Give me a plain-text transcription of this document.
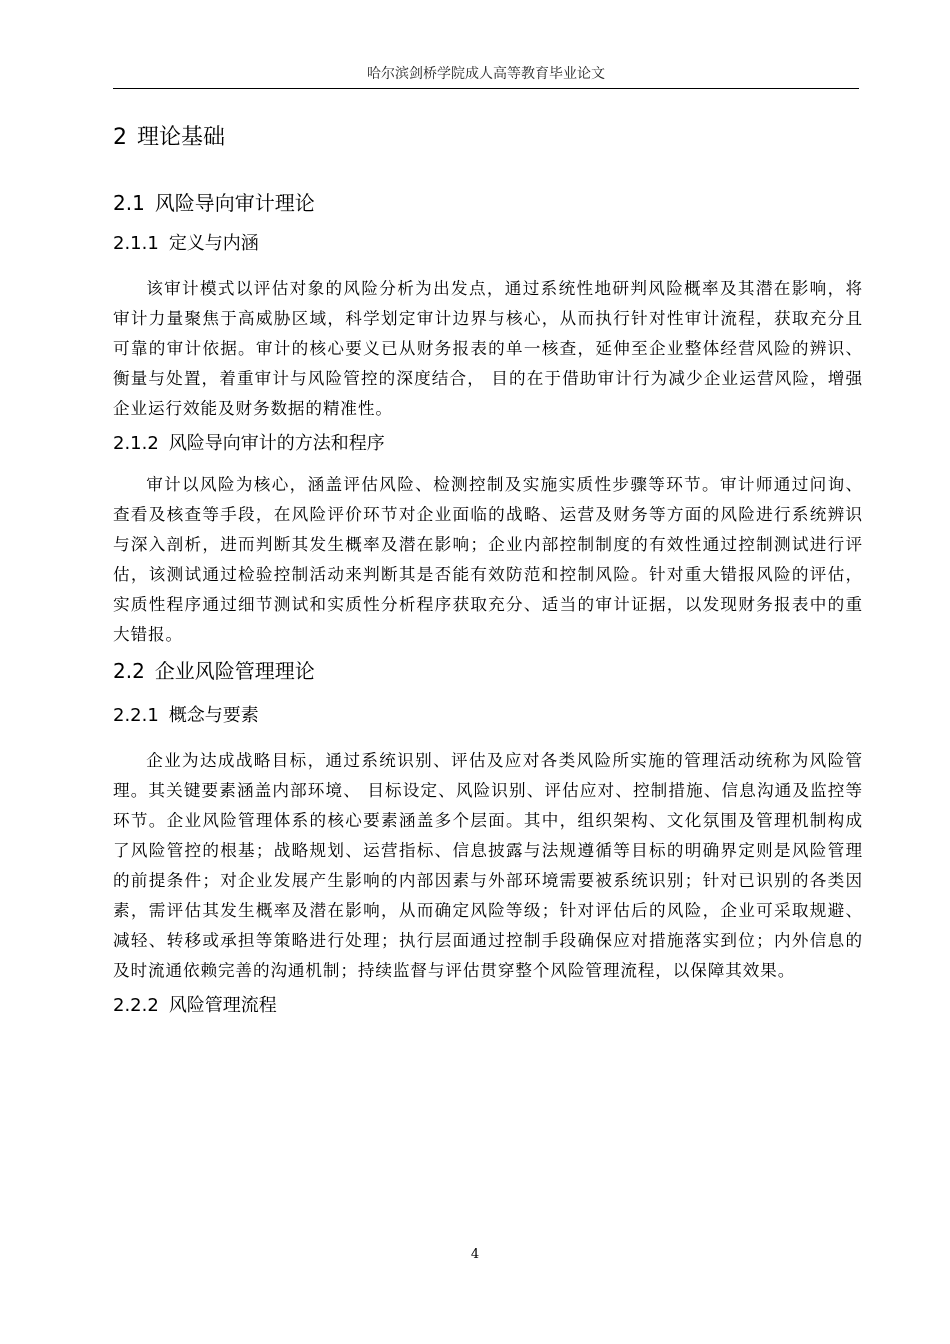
哈尔滨剑桥学院成人高等教育毕业论文
2 理论基础
2.1 风险导向审计理论
2.1.1 定义与内涵

该审计模式以评估对象的风险分析为出发点，通过系统性地研判风险概率及其潜在影响，将审计力量聚焦于高威胁区域，科学划定审计边界与核心，从而执行针对性审计流程，获取充分且可靠的审计依据。审计的核心要义已从财务报表的单一核查，延伸至企业整体经营风险的辨识、衡量与处置，着重审计与风险管控的深度结合， 目的在于借助审计行为减少企业运营风险，增强企业运行效能及财务数据的精准性。

2.1.2 风险导向审计的方法和程序

审计以风险为核心，涵盖评估风险、检测控制及实施实质性步骤等环节。审计师通过问询、查看及核查等手段，在风险评价环节对企业面临的战略、运营及财务等方面的风险进行系统辨识与深入剖析，进而判断其发生概率及潜在影响；企业内部控制制度的有效性通过控制测试进行评估，该测试通过检验控制活动来判断其是否能有效防范和控制风险。针对重大错报风险的评估，实质性程序通过细节测试和实质性分析程序获取充分、适当的审计证据，以发现财务报表中的重大错报。

2.2 企业风险管理理论
2.2.1 概念与要素

企业为达成战略目标，通过系统识别、评估及应对各类风险所实施的管理活动统称为风险管理。其关键要素涵盖内部环境、 目标设定、风险识别、评估应对、控制措施、信息沟通及监控等环节。企业风险管理体系的核心要素涵盖多个层面。其中，组织架构、文化氛围及管理机制构成了风险管控的根基；战略规划、运营指标、信息披露与法规遵循等目标的明确界定则是风险管理的前提条件；对企业发展产生影响的内部因素与外部环境需要被系统识别；针对已识别的各类因素，需评估其发生概率及潜在影响，从而确定风险等级；针对评估后的风险，企业可采取规避、减轻、转移或承担等策略进行处理；执行层面通过控制手段确保应对措施落实到位；内外信息的及时流通依赖完善的沟通机制；持续监督与评估贯穿整个风险管理流程，以保障其效果。

2.2.2 风险管理流程
4
